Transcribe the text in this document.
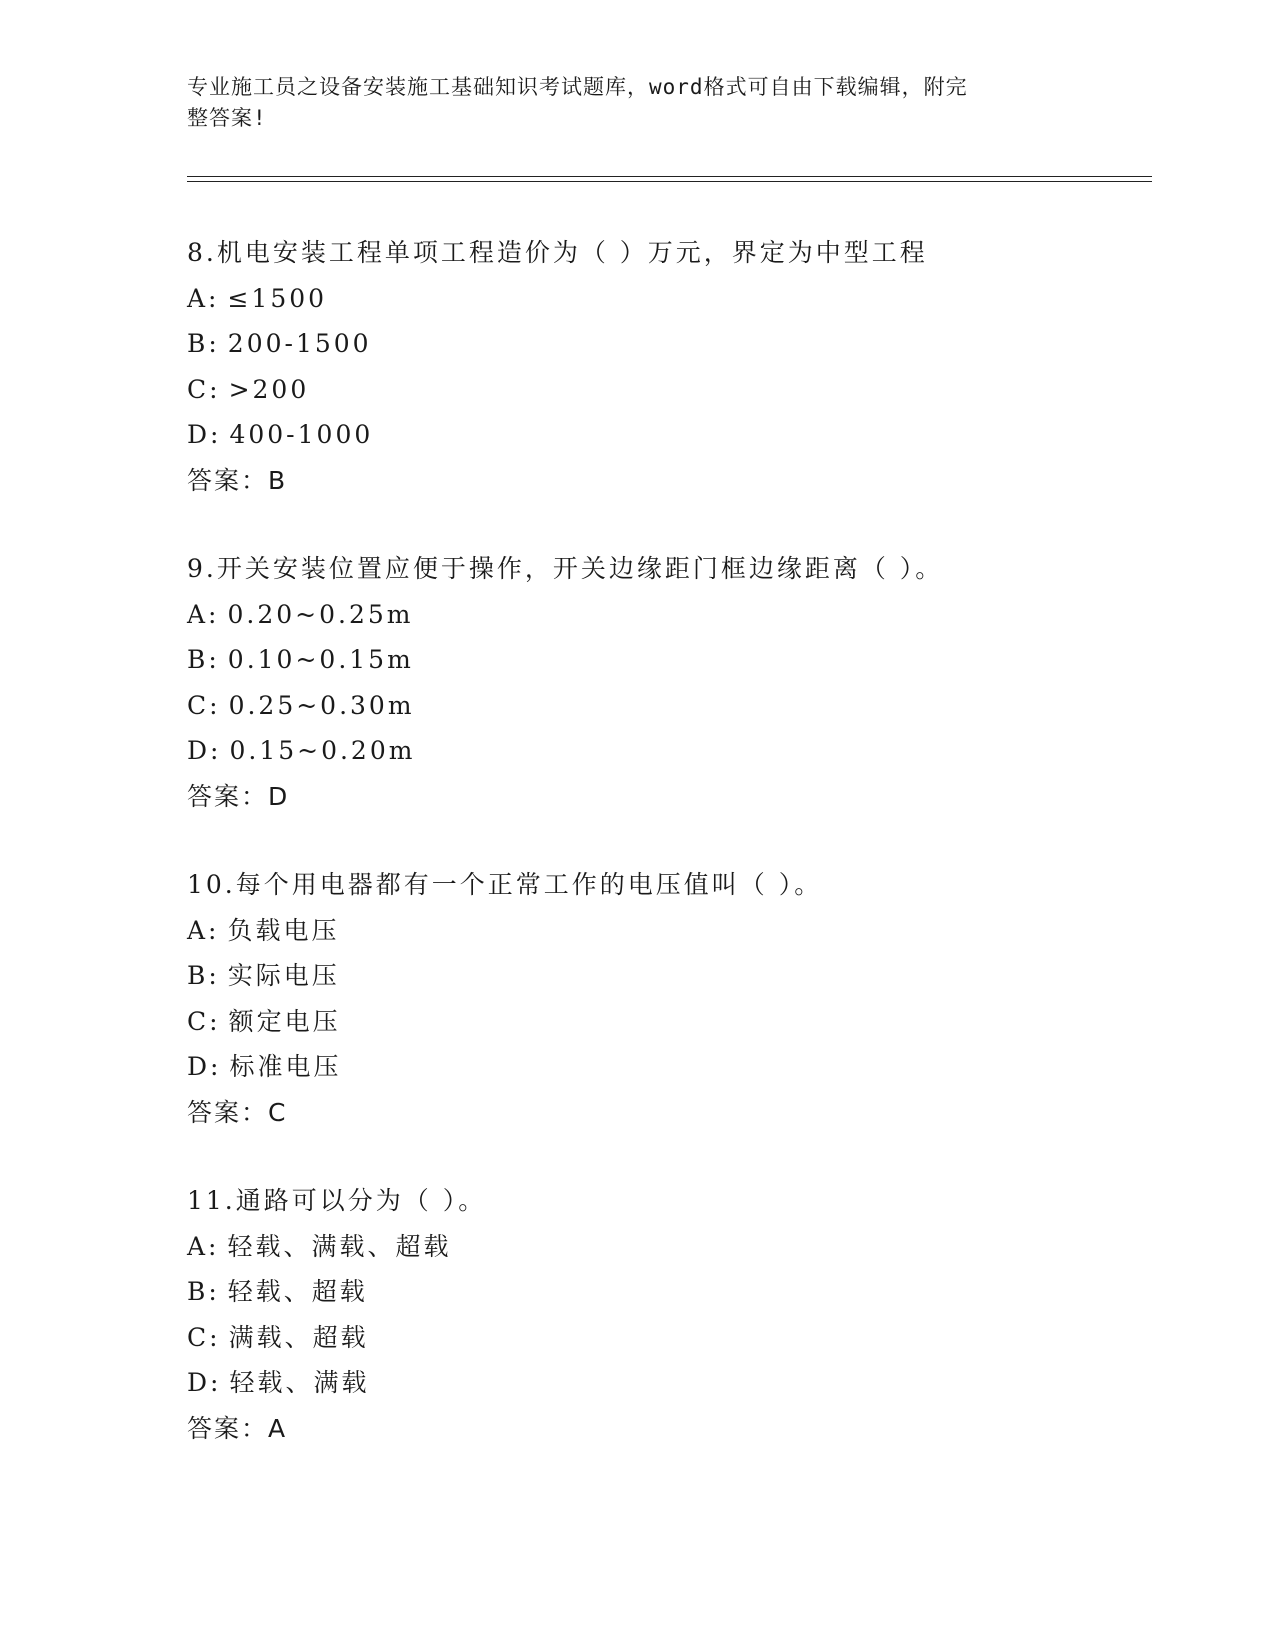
专业施工员之设备安装施工基础知识考试题库，word格式可自由下载编辑，附完
整答案!
8.机电安装工程单项工程造价为（ ）万元，界定为中型工程
A: ≤1500
B: 200-1500
C: >200
D: 400-1000
答案：B
9.开关安装位置应便于操作，开关边缘距门框边缘距离（ ）。
A: 0.20~0.25m
B: 0.10~0.15m
C: 0.25~0.30m
D: 0.15~0.20m
答案：D
10.每个用电器都有一个正常工作的电压值叫（ ）。
A: 负载电压
B: 实际电压
C: 额定电压
D: 标准电压
答案：C
11.通路可以分为（ ）。
A: 轻载、满载、超载
B: 轻载、超载
C: 满载、超载
D: 轻载、满载
答案：A
